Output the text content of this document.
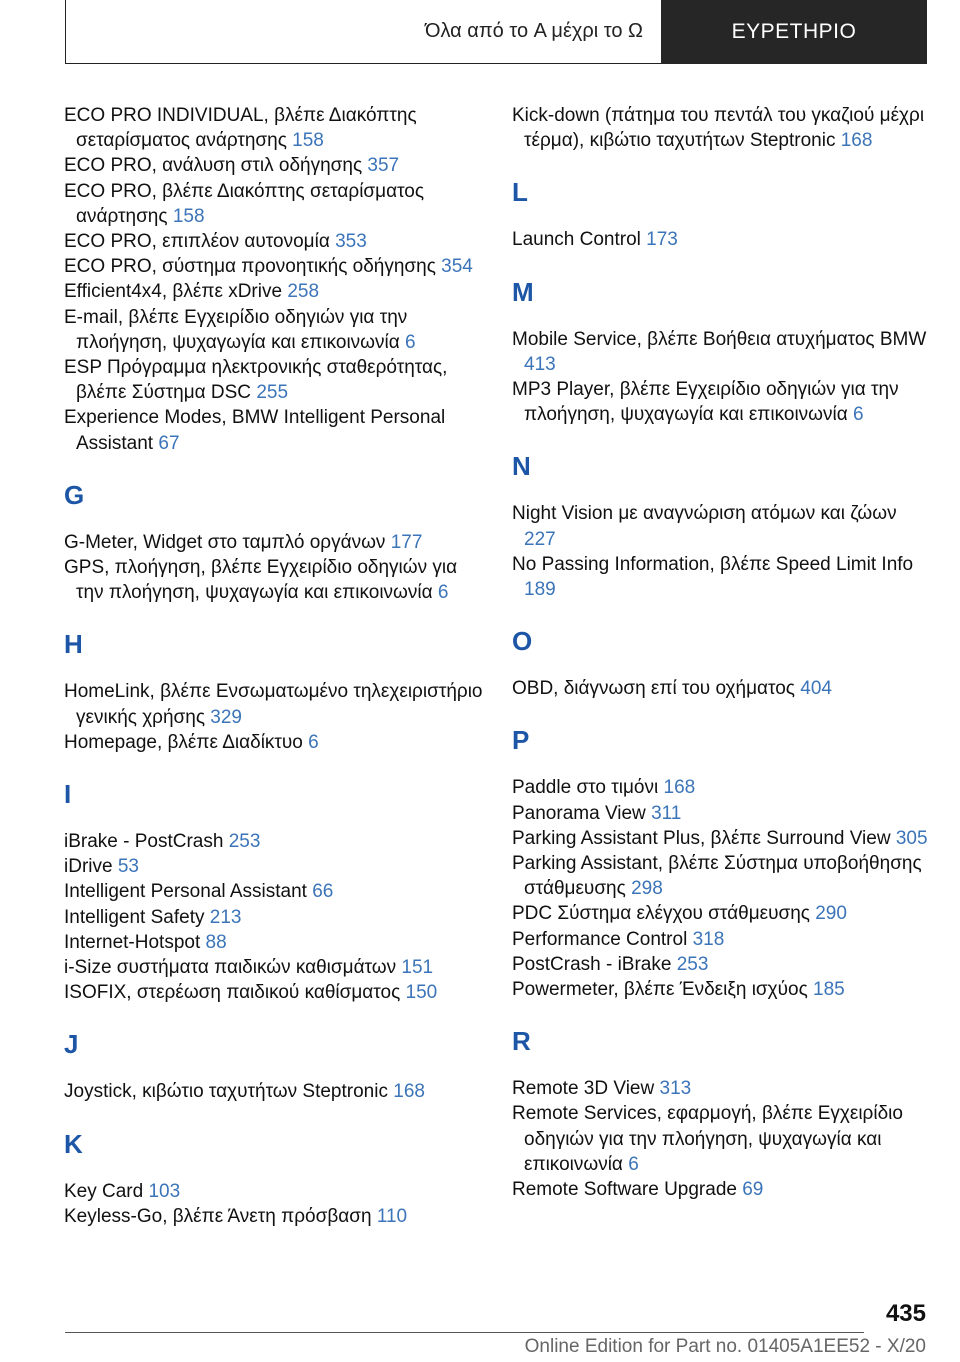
Όλα από το A μέχρι το Ω	ΕΥΡΕΤΗΡΙΟ
ECO PRO INDIVIDUAL, βλέπε Διακόπτης σεταρίσματος ανάρτησης 158
ECO PRO, ανάλυση στιλ οδήγησης 357
ECO PRO, βλέπε Διακόπτης σεταρίσματος ανάρτησης 158
ECO PRO, επιπλέον αυτονομία 353
ECO PRO, σύστημα προνοητικής οδήγησης 354
Efficient4x4, βλέπε xDrive 258
E-mail, βλέπε Εγχειρίδιο οδηγιών για την πλοήγηση, ψυχαγωγία και επικοινωνία 6
ESP Πρόγραμμα ηλεκτρονικής σταθερότητας, βλέπε Σύστημα DSC 255
Experience Modes, BMW Intelligent Personal Assistant 67
G
G-Meter, Widget στο ταμπλό οργάνων 177
GPS, πλοήγηση, βλέπε Εγχειρίδιο οδηγιών για την πλοήγηση, ψυχαγωγία και επικοινωνία 6
H
HomeLink, βλέπε Ενσωματωμένο τηλεχειριστήριο γενικής χρήσης 329
Homepage, βλέπε Διαδίκτυο 6
I
iBrake - PostCrash 253
iDrive 53
Intelligent Personal Assistant 66
Intelligent Safety 213
Internet-Hotspot 88
i-Size συστήματα παιδικών καθισμάτων 151
ISOFIX, στερέωση παιδικού καθίσματος 150
J
Joystick, κιβώτιο ταχυτήτων Steptronic 168
K
Key Card 103
Keyless-Go, βλέπε Άνετη πρόσβαση 110
Kick-down (πάτημα του πεντάλ του γκαζιού μέχρι τέρμα), κιβώτιο ταχυτήτων Steptronic 168
L
Launch Control 173
M
Mobile Service, βλέπε Βοήθεια ατυχήματος BMW 413
MP3 Player, βλέπε Εγχειρίδιο οδηγιών για την πλοήγηση, ψυχαγωγία και επικοινωνία 6
N
Night Vision με αναγνώριση ατόμων και ζώων 227
No Passing Information, βλέπε Speed Limit Info 189
O
OBD, διάγνωση επί του οχήματος 404
P
Paddle στο τιμόνι 168
Panorama View 311
Parking Assistant Plus, βλέπε Surround View 305
Parking Assistant, βλέπε Σύστημα υποβοήθησης στάθμευσης 298
PDC Σύστημα ελέγχου στάθμευσης 290
Performance Control 318
PostCrash - iBrake 253
Powermeter, βλέπε Ένδειξη ισχύος 185
R
Remote 3D View 313
Remote Services, εφαρμογή, βλέπε Εγχειρίδιο οδηγιών για την πλοήγηση, ψυχαγωγία και επικοινωνία 6
Remote Software Upgrade 69
435
Online Edition for Part no. 01405A1EE52 - X/20
